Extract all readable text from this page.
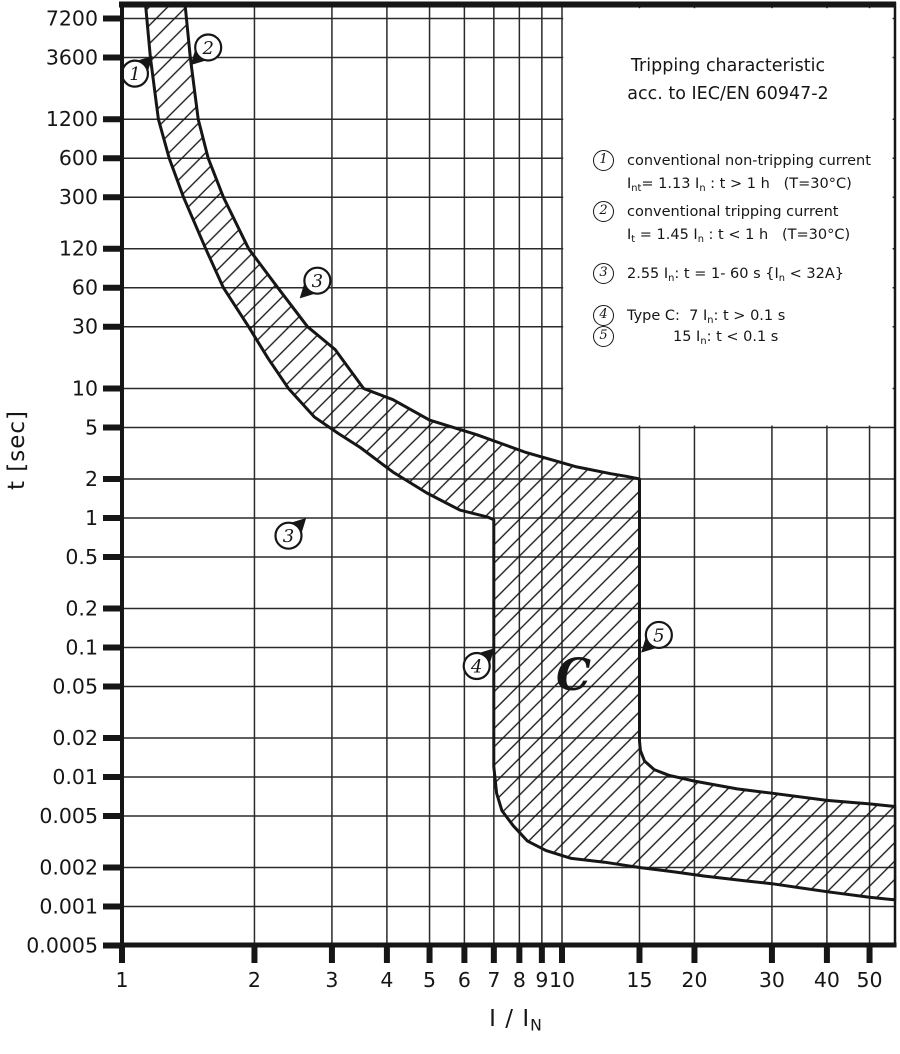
C
1
2
3
3
4
5
7200
3600
1200
600
300
120
60
30
10
5
2
1
0.5
0.2
0.1
0.05
0.02
0.01
0.005
0.002
0.001
0.0005
1	2	3 4 5 6 7 8 9 10	15 20	30 40 50
t [sec]
I / $I_N$
Tripping characteristic
acc. to IEC/EN 60947-2
1	conventional non-tripping current
$I_{nt}= 1.13$ $I_n$ : t > 1 h   (T=30°C)
2	conventional tripping current
$I_t = 1.45$ $I_n$ : t < 1 h   (T=30°C)
3	2.55 $I_n$: t = 1- 60 s $\{I_n < 32A\}$
4	Type C:  7 $I_n$: t > 0.1 s
5	15 $I_n$: t < 0.1 s
